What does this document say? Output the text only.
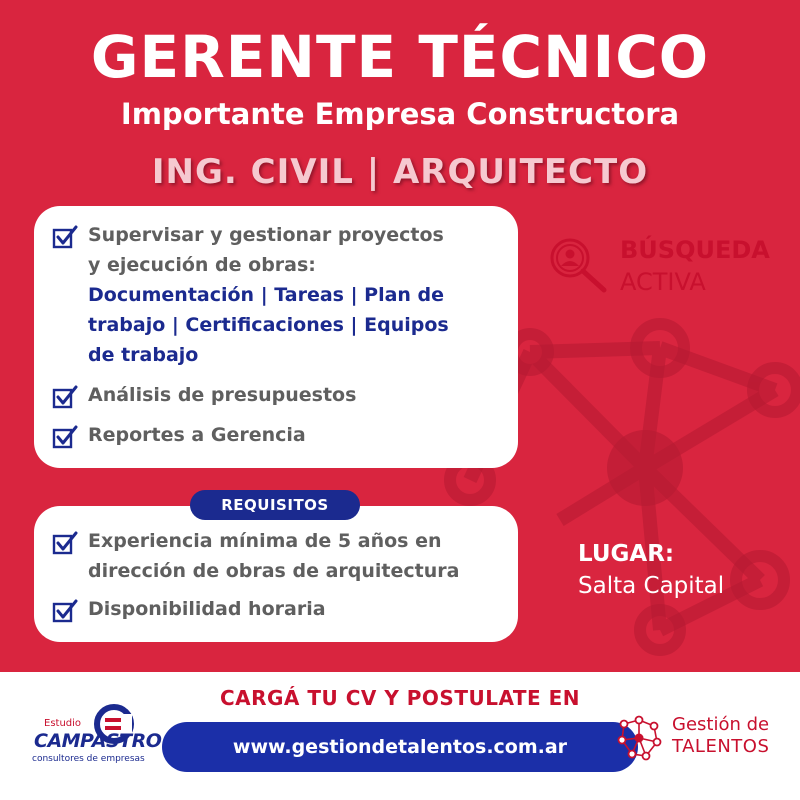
GERENTE TÉCNICO
Importante Empresa Constructora
ING. CIVIL | ARQUITECTO
Supervisar y gestionar proyectos
y ejecución de obras:
Documentación | Tareas | Plan de
trabajo | Certificaciones | Equipos
de trabajo
Análisis de presupuestos
Reportes a Gerencia
Experiencia mínima de 5 años en
dirección de obras de arquitectura
Disponibilidad horaria
REQUISITOS
BÚSQUEDA
ACTIVA
LUGAR:
Salta Capital
CARGÁ TU CV Y POSTULATE EN
www.gestiondetalentos.com.ar
Estudio
CAMPASTRO
consultores de empresas
Gestión de
TALENTOS
